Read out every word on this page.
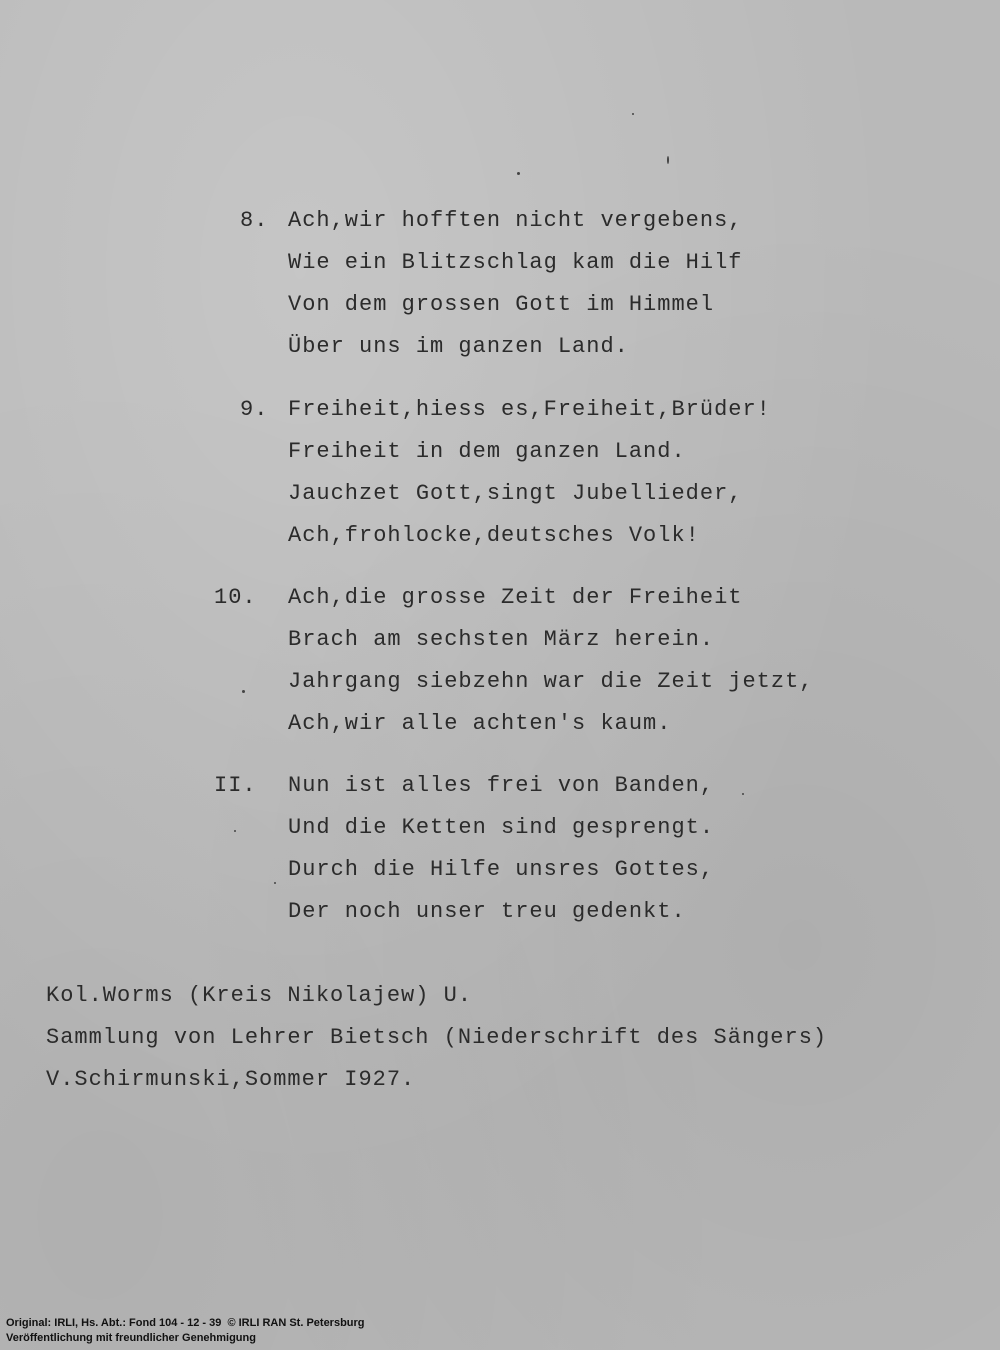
8. Ach,wir hofften nicht vergebens,
Wie ein Blitzschlag kam die Hilf
Von dem grossen Gott im Himmel
Über uns im ganzen Land.
9. Freiheit,hiess es,Freiheit,Brüder!
Freiheit in dem ganzen Land.
Jauchzet Gott,singt Jubellieder,
Ach,frohlocke,deutsches Volk!
10. Ach,die grosse Zeit der Freiheit
Brach am sechsten März herein.
Jahrgang siebzehn war die Zeit jetzt,
Ach,wir alle achten's kaum.
II. Nun ist alles frei von Banden,
Und die Ketten sind gesprengt.
Durch die Hilfe unsres Gottes,
Der noch unser treu gedenkt.
Kol.Worms (Kreis Nikolajew) U.
Sammlung von Lehrer Bietsch (Niederschrift des Sängers)
V.Schirmunski,Sommer I927.
Original: IRLI, Hs. Abt.: Fond 104 - 12 - 39  © IRLI RAN St. Petersburg
Veröffentlichung mit freundlicher Genehmigung
